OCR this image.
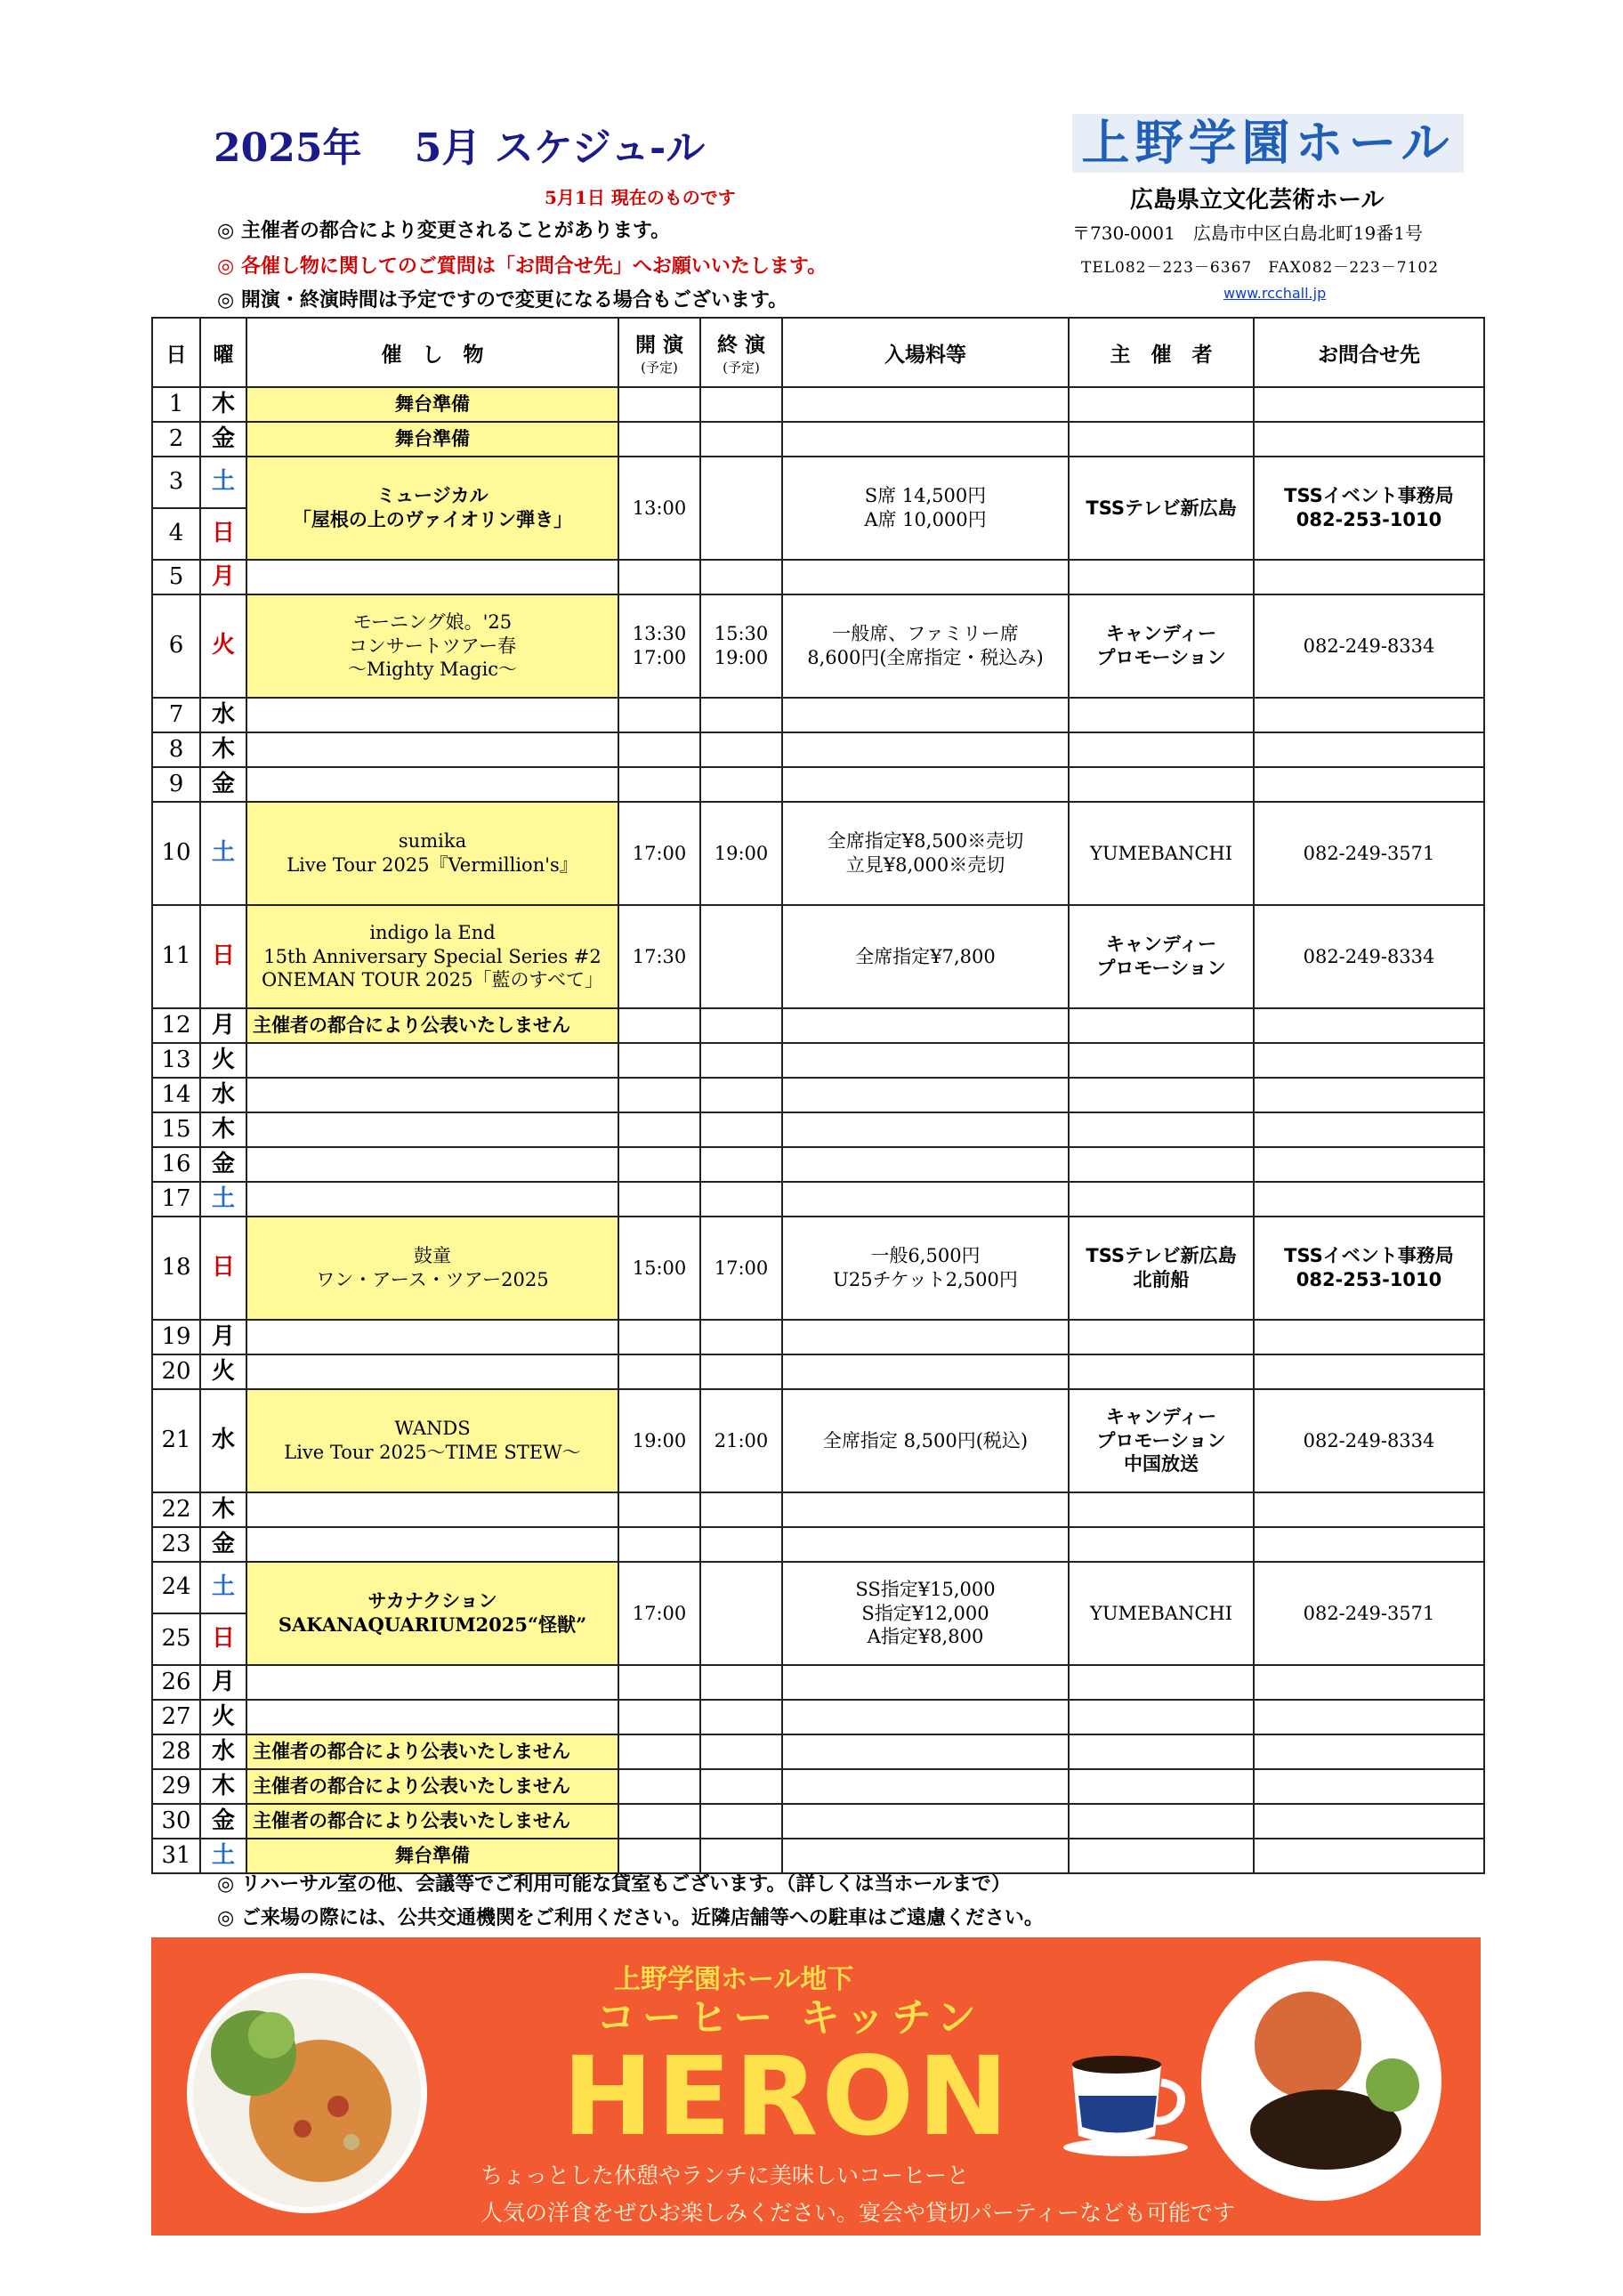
2025年　 5月 スケジュ-ル
5月1日 現在のものです
◎ 主催者の都合により変更されることがあります。
◎ 各催し物に関してのご質問は「お問合せ先」へお願いいたします。
◎ 開演・終演時間は予定ですので変更になる場合もございます。
上野学園ホール
広島県立文化芸術ホール
〒730-0001　広島市中区白島北町19番1号
TEL082－223－6367　FAX082－223－7102
www.rcchall.jp
日	曜	催　し　物	開 演
(予定)	終 演
(予定)	入場料等	主　催　者	お問合せ先
1	木	舞台準備					
2	金	舞台準備					
3	土	ミュージカル
「屋根の上のヴァイオリン弾き」	13:00		S席 14,500円
A席 10,000円	TSSテレビ新広島	TSSイベント事務局
082-253-1010

4	日						
5	月						
6	火	モーニング娘。'25
コンサートツアー春
～Mighty Magic～	13:30
17:00	15:30
19:00	一般席、ファミリー席
8,600円(全席指定・税込み)	キャンディー
プロモーション	082-249-8334
7	水						
8	木						
9	金						
10	土	sumika
Live Tour 2025『Vermillion's』	17:00	19:00	全席指定¥8,500※売切
立見¥8,000※売切	YUMEBANCHI	082-249-3571
11	日	indigo la End
15th Anniversary Special Series #2
ONEMAN TOUR 2025「藍のすべて」	17:30		全席指定¥7,800	キャンディー
プロモーション	082-249-8334
12	月	主催者の都合により公表いたしません					
13	火						
14	水						
15	木						
16	金						
17	土						
18	日	鼓童
ワン・アース・ツアー2025	15:00	17:00	一般6,500円
U25チケット2,500円	TSSテレビ新広島
北前船	TSSイベント事務局
082-253-1010

19	月						
20	火						
21	水	WANDS
Live Tour 2025～TIME STEW～	19:00	21:00	全席指定 8,500円(税込)	キャンディー
プロモーション
中国放送	082-249-8334
22	木						
23	金						
24	土	サカナクション
SAKANAQUARIUM2025“怪獣”	17:00		SS指定¥15,000
S指定¥12,000
A指定¥8,800	YUMEBANCHI	082-249-3571
25	日						
26	月						
27	火						
28	水	主催者の都合により公表いたしません					
29	木	主催者の都合により公表いたしません					
30	金	主催者の都合により公表いたしません					
31	土	舞台準備					
◎ リハーサル室の他、会議等でご利用可能な貸室もございます。（詳しくは当ホールまで）
◎ ご来場の際には、公共交通機関をご利用ください。近隣店舗等への駐車はご遠慮ください。
上野学園ホール地下
コーヒー キッチン
HERON
ちょっとした休憩やランチに美味しいコーヒーと
人気の洋食をぜひお楽しみください。宴会や貸切パーティーなども可能です
